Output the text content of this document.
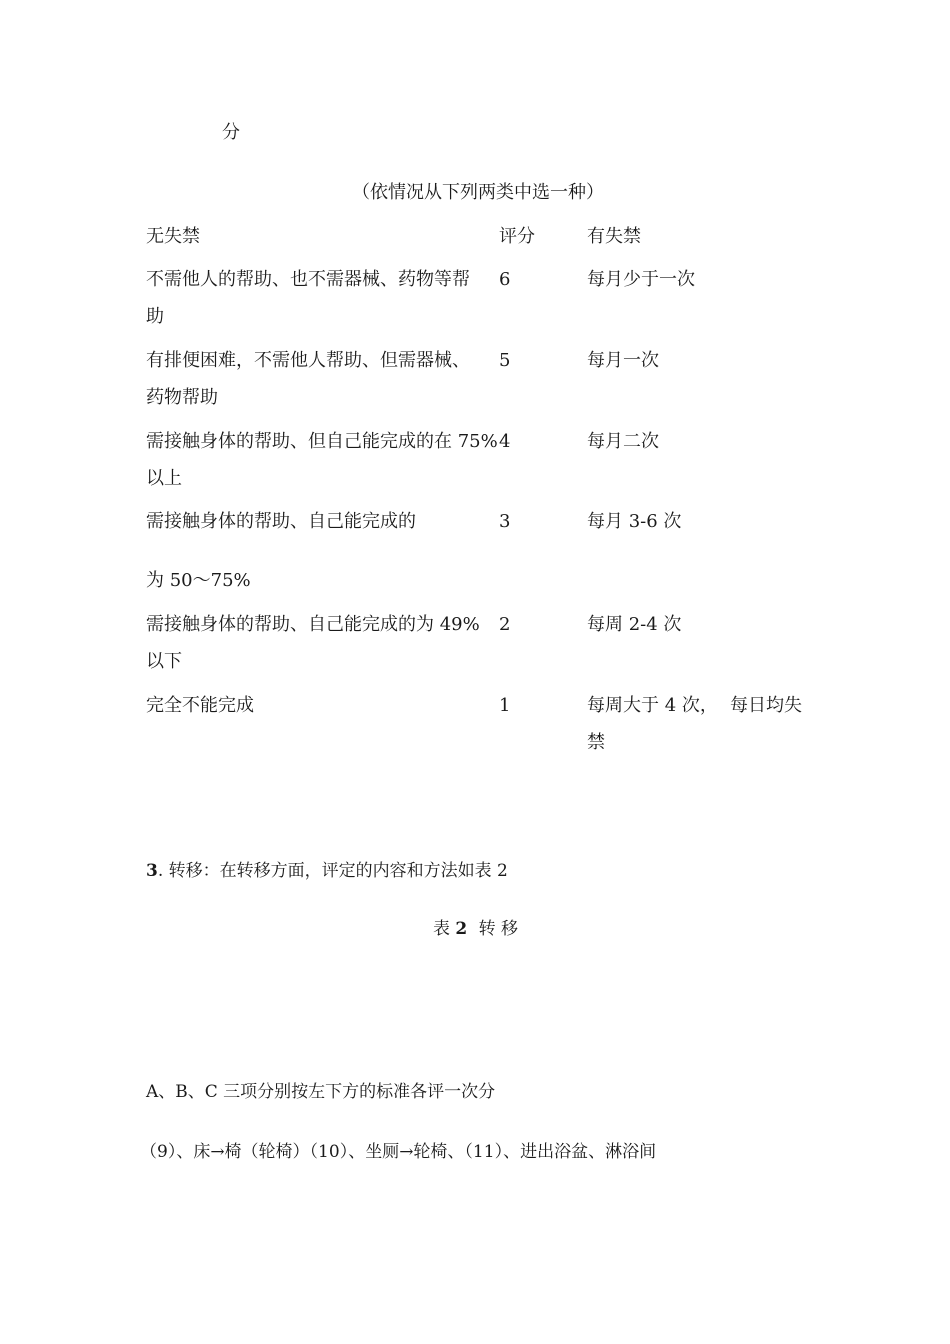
分
（依情况从下列两类中选一种）
无失禁	评分	有失禁
不需他人的帮助、也不需器械、药物等帮
助
6	每月少于一次
有排便困难，不需他人帮助、但需器械、
药物帮助
5	每月一次
需接触身体的帮助、但自己能完成的在 75%
以上
4	每月二次
需接触身体的帮助、自己能完成的
为 50～75%
3	每月 3-6 次
需接触身体的帮助、自己能完成的为 49%
以下
2	每周 2-4 次
完全不能完成	1	每周大于 4 次， 每日均失
禁
3. 转移：在转移方面，评定的内容和方法如表 2
表 2 转 移
A、B、C 三项分别按左下方的标准各评一次分
（9）、床→椅（轮椅）（10）、坐厕→轮椅、（11）、进出浴盆、淋浴间
